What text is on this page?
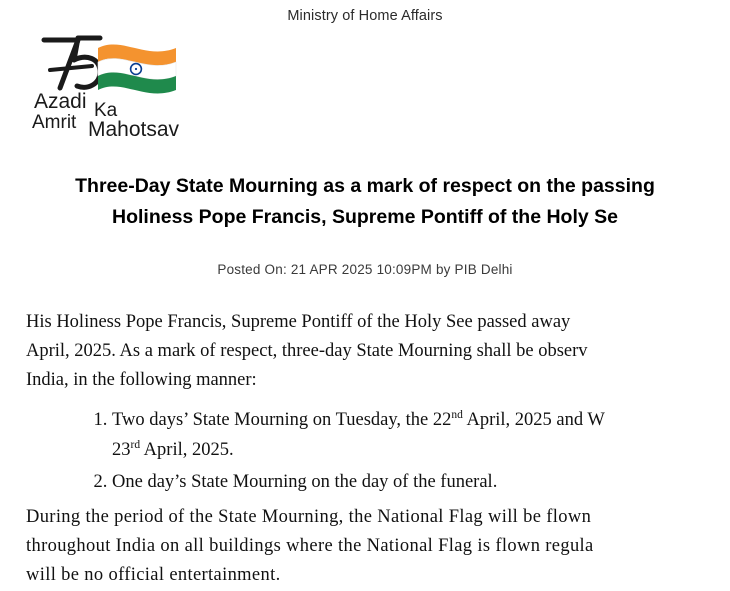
Ministry of Home Affairs
Azadi Ka
Amrit Mahotsav
Three-Day State Mourning as a mark of respect on the passing
Holiness Pope Francis, Supreme Pontiff of the Holy Se
Posted On: 21 APR 2025 10:09PM by PIB Delhi

His Holiness Pope Francis, Supreme Pontiff of the Holy See passed away
April, 2025. As a mark of respect, three-day State Mourning shall be observ
India, in the following manner:

1. Two days’ State Mourning on Tuesday, the 22nd April, 2025 and W
23rd April, 2025.
2. One day’s State Mourning on the day of the funeral.

During the period of the State Mourning, the National Flag will be flown
throughout India on all buildings where the National Flag is flown regula
will be no official entertainment.
